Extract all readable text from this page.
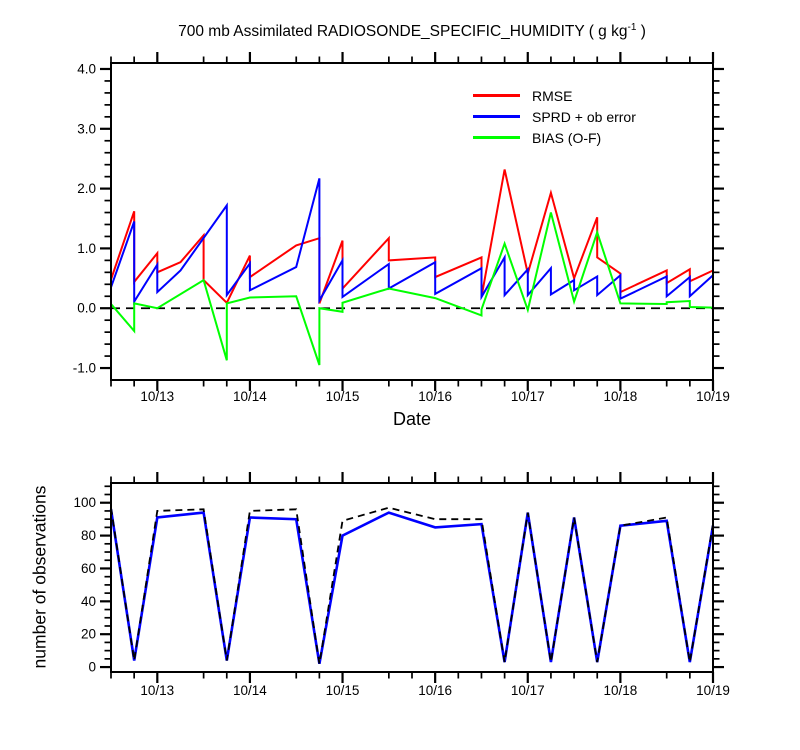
10/13	10/14	10/15	10/16	10/17	10/18	10/19
-1.0
0.0
1.0
2.0
3.0
4.0
10/13	10/14	10/15	10/16	10/17	10/18	10/19
0
20
40
60
80
100
700 mb Assimilated RADIOSONDE_SPECIFIC_HUMIDITY ( g $kg^{-1}$ )
Date
number of observations
RMSE
SPRD + ob error
BIAS (O-F)
